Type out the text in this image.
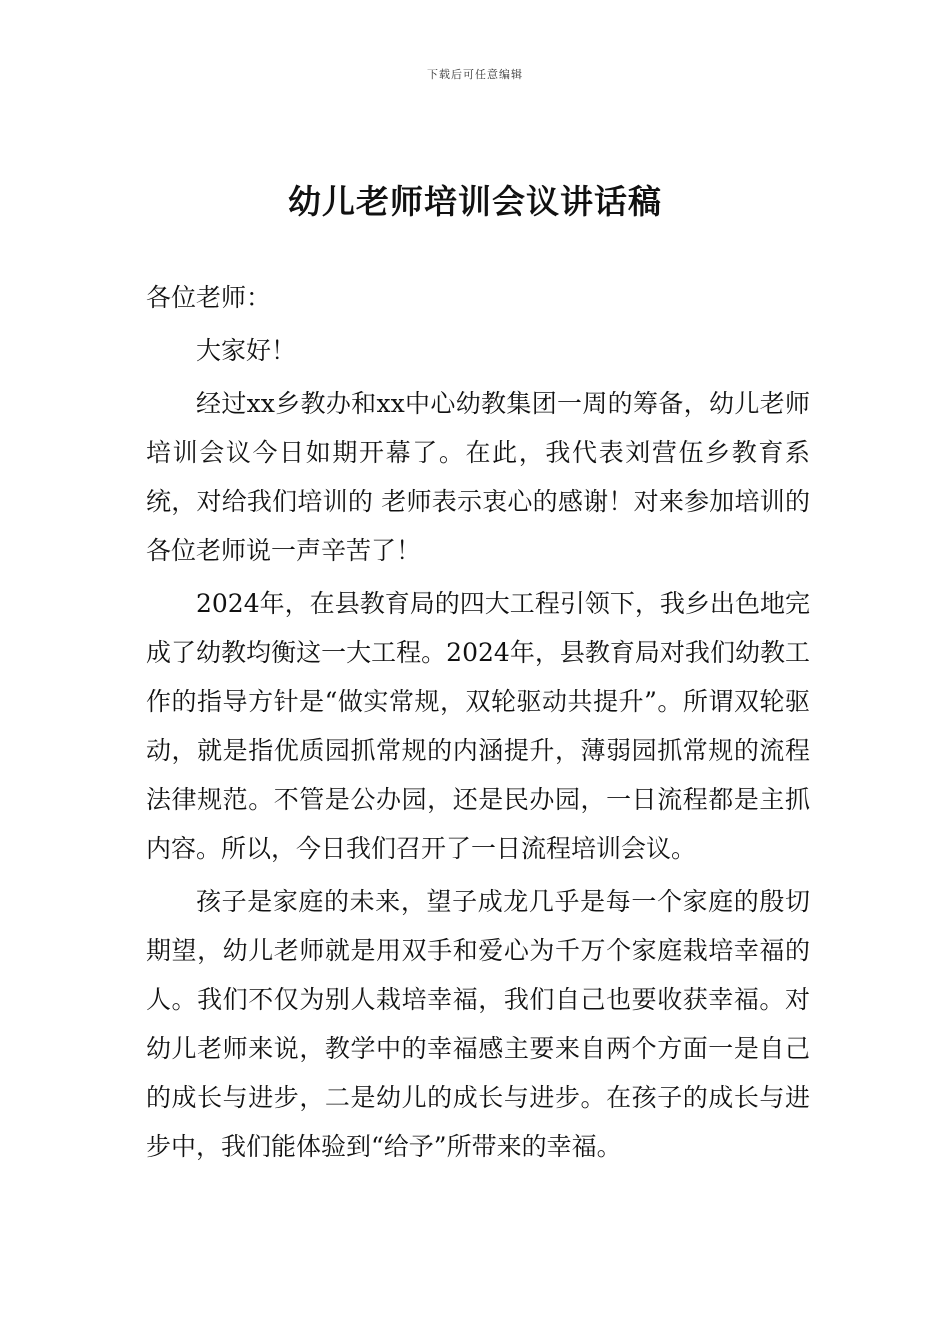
下载后可任意编辑
幼儿老师培训会议讲话稿

各位老师：

大家好！

经过xx乡教办和xx中心幼教集团一周的筹备，幼儿老师培训会议今日如期开幕了。在此，我代表刘营伍乡教育系统，对给我们培训的 老师表示衷心的感谢！对来参加培训的各位老师说一声辛苦了！

2024年，在县教育局的四大工程引领下，我乡出色地完成了幼教均衡这一大工程。2024年，县教育局对我们幼教工作的指导方针是“做实常规，双轮驱动共提升”。所谓双轮驱动，就是指优质园抓常规的内涵提升，薄弱园抓常规的流程法律规范。不管是公办园，还是民办园，一日流程都是主抓内容。所以，今日我们召开了一日流程培训会议。

孩子是家庭的未来，望子成龙几乎是每一个家庭的殷切期望，幼儿老师就是用双手和爱心为千万个家庭栽培幸福的人。我们不仅为别人栽培幸福，我们自己也要收获幸福。对幼儿老师来说，教学中的幸福感主要来自两个方面一是自己的成长与进步，二是幼儿的成长与进步。在孩子的成长与进步中，我们能体验到“给予”所带来的幸福。
